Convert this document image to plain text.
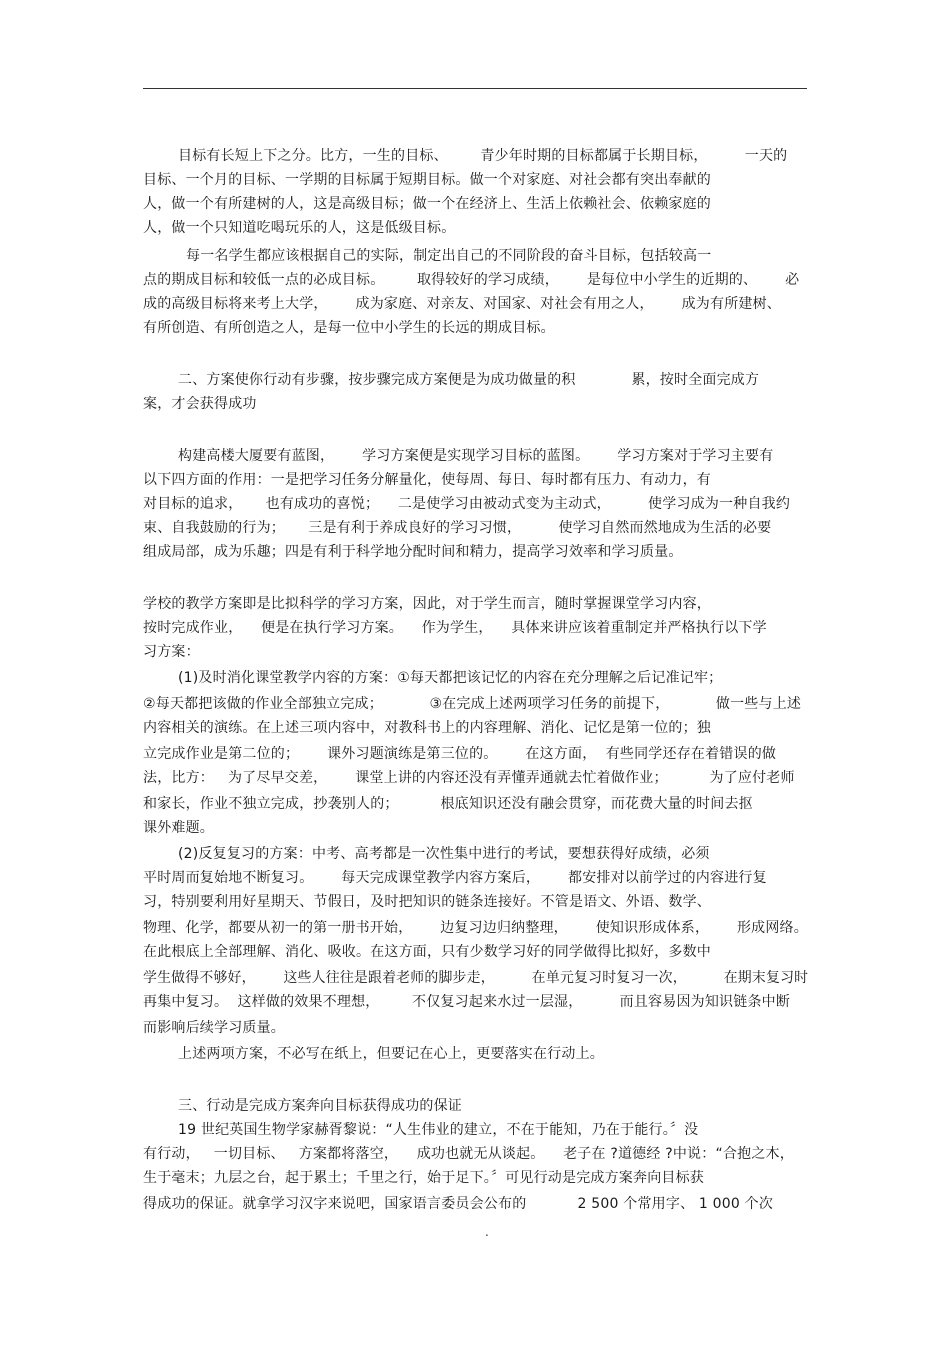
目标有长短上下之分。比方，一生的目标、       青少年时期的目标都属于长期目标，        一天的
目标、一个月的目标、一学期的目标属于短期目标。做一个对家庭、对社会都有突出奉献的
人，做一个有所建树的人，这是高级目标；做一个在经济上、生活上依赖社会、依赖家庭的
人，做一个只知道吃喝玩乐的人，这是低级目标。
每一名学生都应该根据自己的实际，制定出自己的不同阶段的奋斗目标，包括较高一
点的期成目标和较低一点的必成目标。       取得较好的学习成绩，      是每位中小学生的近期的、      必
成的高级目标将来考上大学，      成为家庭、对亲友、对国家、对社会有用之人，      成为有所建树、
有所创造、有所创造之人，是每一位中小学生的长远的期成目标。
二、方案使你行动有步骤，按步骤完成方案便是为成功做量的积            累，按时全面完成方
案，才会获得成功
构建高楼大厦要有蓝图，      学习方案便是实现学习目标的蓝图。      学习方案对于学习主要有
以下四方面的作用：一是把学习任务分解量化，使每周、每日、每时都有压力、有动力，有
对目标的追求，     也有成功的喜悦；    二是使学习由被动式变为主动式，        使学习成为一种自我约
束、自我鼓励的行为；     三是有利于养成良好的学习习惯，        使学习自然而然地成为生活的必要
组成局部，成为乐趣；四是有利于科学地分配时间和精力，提高学习效率和学习质量。
学校的教学方案即是比拟科学的学习方案，因此，对于学生而言，随时掌握课堂学习内容，
按时完成作业，    便是在执行学习方案。    作为学生，    具体来讲应该着重制定并严格执行以下学
习方案：
(1)及时消化课堂教学内容的方案：①每天都把该记忆的内容在充分理解之后记准记牢；
②每天都把该做的作业全部独立完成；          ③在完成上述两项学习任务的前提下，          做一些与上述
内容相关的演练。在上述三项内容中，对教科书上的内容理解、消化、记忆是第一位的；独
立完成作业是第二位的；      课外习题演练是第三位的。      在这方面，  有些同学还存在着错误的做
法，比方：   为了尽早交差，      课堂上讲的内容还没有弄懂弄通就去忙着做作业；         为了应付老师
和家长，作业不独立完成，抄袭别人的；         根底知识还没有融会贯穿，而花费大量的时间去抠
课外难题。
(2)反复复习的方案：中考、高考都是一次性集中进行的考试，要想获得好成绩，必须
平时周而复始地不断复习。      每天完成课堂教学内容方案后，      都安排对以前学过的内容进行复
习，特别要利用好星期天、节假日，及时把知识的链条连接好。不管是语文、外语、数学、
物理、化学，都要从初一的第一册书开始，      边复习边归纳整理，      使知识形成体系，      形成网络。
在此根底上全部理解、消化、吸收。在这方面，只有少数学习好的同学做得比拟好，多数中
学生做得不够好，      这些人往往是跟着老师的脚步走，        在单元复习时复习一次，        在期末复习时
再集中复习。  这样做的效果不理想，       不仅复习起来水过一层湿，        而且容易因为知识链条中断
而影响后续学习质量。
上述两项方案，不必写在纸上，但要记在心上，更要落实在行动上。
三、行动是完成方案奔向目标获得成功的保证
19 世纪英国生物学家赫胥黎说：“人生伟业的建立，不在于能知，乃在于能行。〞没
有行动，   一切目标、   方案都将落空，    成功也就无从谈起。    老子在 ?道德经 ?中说：“合抱之木，
生于毫末；九层之台，起于累土；千里之行，始于足下。〞可见行动是完成方案奔向目标获
得成功的保证。就拿学习汉字来说吧，国家语言委员会公布的           2 500 个常用字、 1 000 个次
.
